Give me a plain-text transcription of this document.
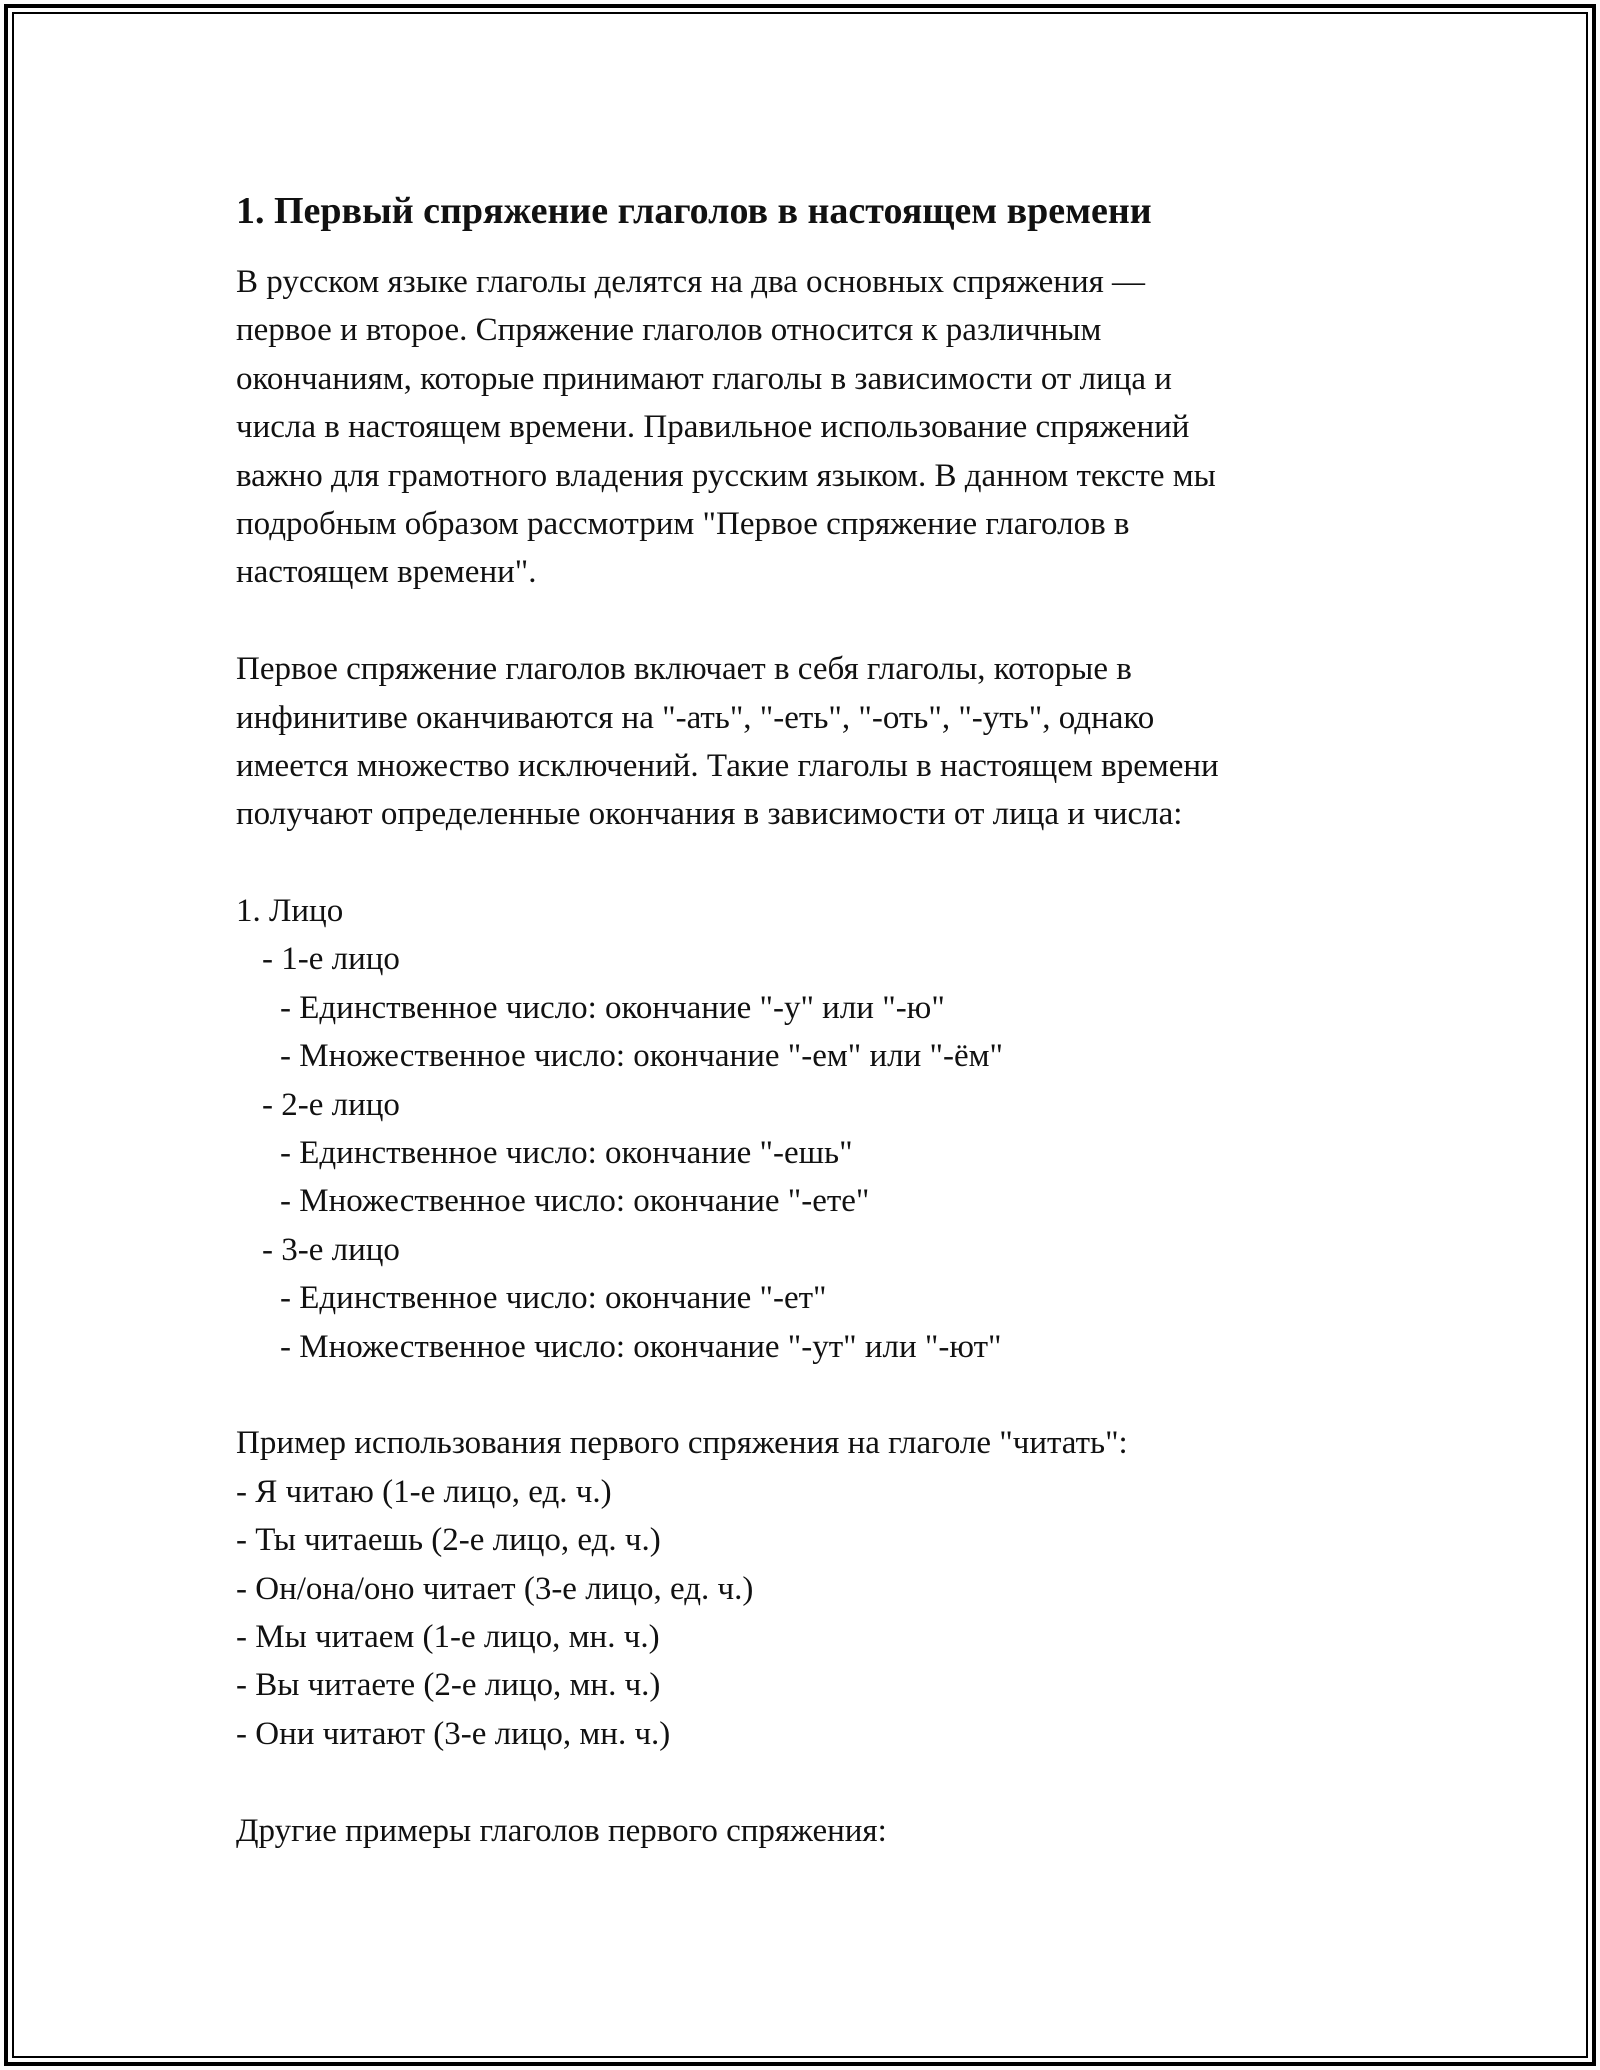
1. Первый спряжение глаголов в настоящем времени
В русском языке глаголы делятся на два основных спряжения —
первое и второе. Спряжение глаголов относится к различным
окончаниям, которые принимают глаголы в зависимости от лица и
числа в настоящем времени. Правильное использование спряжений
важно для грамотного владения русским языком. В данном тексте мы
подробным образом рассмотрим "Первое спряжение глаголов в
настоящем времени".
Первое спряжение глаголов включает в себя глаголы, которые в
инфинитиве оканчиваются на "-ать", "-еть", "-оть", "-уть", однако
имеется множество исключений. Такие глаголы в настоящем времени
получают определенные окончания в зависимости от лица и числа:
1. Лицо
- 1-е лицо
- Единственное число: окончание "-у" или "-ю"
- Множественное число: окончание "-ем" или "-ём"
- 2-е лицо
- Единственное число: окончание "-ешь"
- Множественное число: окончание "-ете"
- 3-е лицо
- Единственное число: окончание "-ет"
- Множественное число: окончание "-ут" или "-ют"
Пример использования первого спряжения на глаголе "читать":
- Я читаю (1-е лицо, ед. ч.)
- Ты читаешь (2-е лицо, ед. ч.)
- Он/она/оно читает (3-е лицо, ед. ч.)
- Мы читаем (1-е лицо, мн. ч.)
- Вы читаете (2-е лицо, мн. ч.)
- Они читают (3-е лицо, мн. ч.)
Другие примеры глаголов первого спряжения:
